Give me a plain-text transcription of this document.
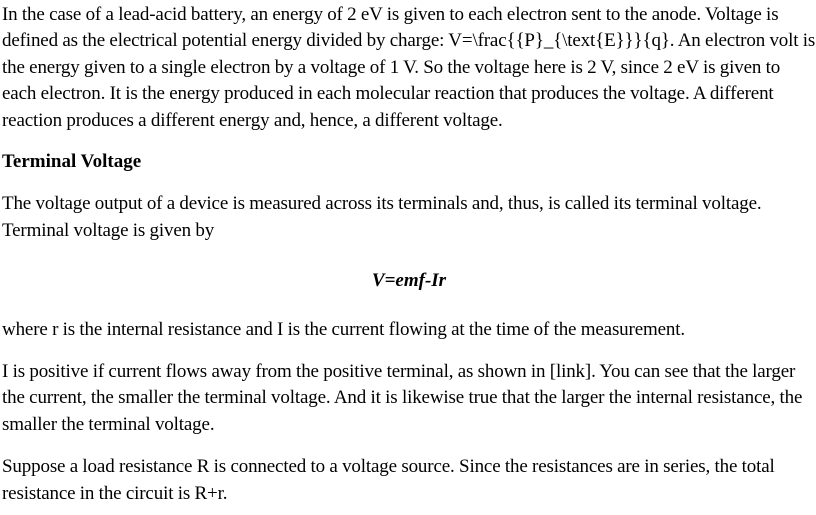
In the case of a lead-acid battery, an energy of 2 eV is given to each electron sent to the anode. Voltage is defined as the electrical potential energy divided by charge: V=\frac{{P}_{\text{E}}}{q}. An electron volt is the energy given to a single electron by a voltage of 1 V. So the voltage here is 2 V, since 2 eV is given to each electron. It is the energy produced in each molecular reaction that produces the voltage. A different reaction produces a different energy and, hence, a different voltage.

Terminal Voltage

The voltage output of a device is measured across its terminals and, thus, is called its terminal voltage. Terminal voltage is given by

V=emf-Ir

where r is the internal resistance and I is the current flowing at the time of the measurement.

I is positive if current flows away from the positive terminal, as shown in [link]. You can see that the larger the current, the smaller the terminal voltage. And it is likewise true that the larger the internal resistance, the smaller the terminal voltage.

Suppose a load resistance R is connected to a voltage source. Since the resistances are in series, the total resistance in the circuit is R+r.
